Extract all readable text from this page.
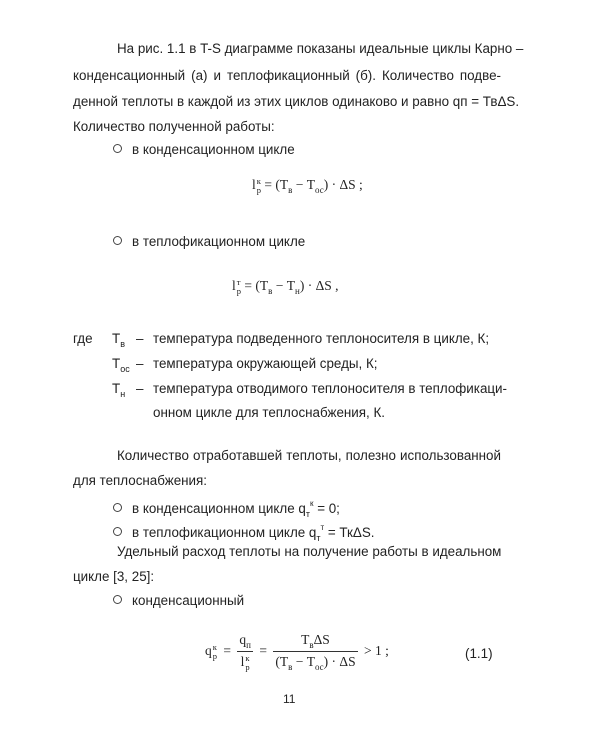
На рис. 1.1 в T-S диаграмме показаны идеальные циклы Карно –
конденсационный (а) и теплофикационный (б). Количество подве-
денной теплоты в каждой из этих циклов одинаково и равно qп = ТвΔS.
Количество полученной работы:
в конденсационном цикле
l к
$р = (Т_в - Т_{ос}) \cdot \Delta S$ ;
в теплофикационном цикле
l т
$р = (Т_в - Т_н) \cdot \Delta S$ ,
где $Т_в$ – температура подведенного теплоносителя в цикле, К;
$Т_{ос}$ – температура окружающей среды, К;
$Т_н$ – температура отводимого теплоносителя в теплофикаци-
онном цикле для теплоснабжения, К.
Количество отработавшей теплоты, полезно использованной
для теплоснабжения:
в конденсационном цикле $q_т^к = 0$;
в теплофикационном цикле $q_т^т = Тк\Delta S$.
Удельный расход теплоты на получение работы в идеальном
цикле [3, 25]:
конденсационный
q к
$р = q_п$
l к
$р = \frac{Т_в\Delta S}{(Т_в - Т_{ос}) \cdot \Delta S} > 1$ ;	(1.1)
11
